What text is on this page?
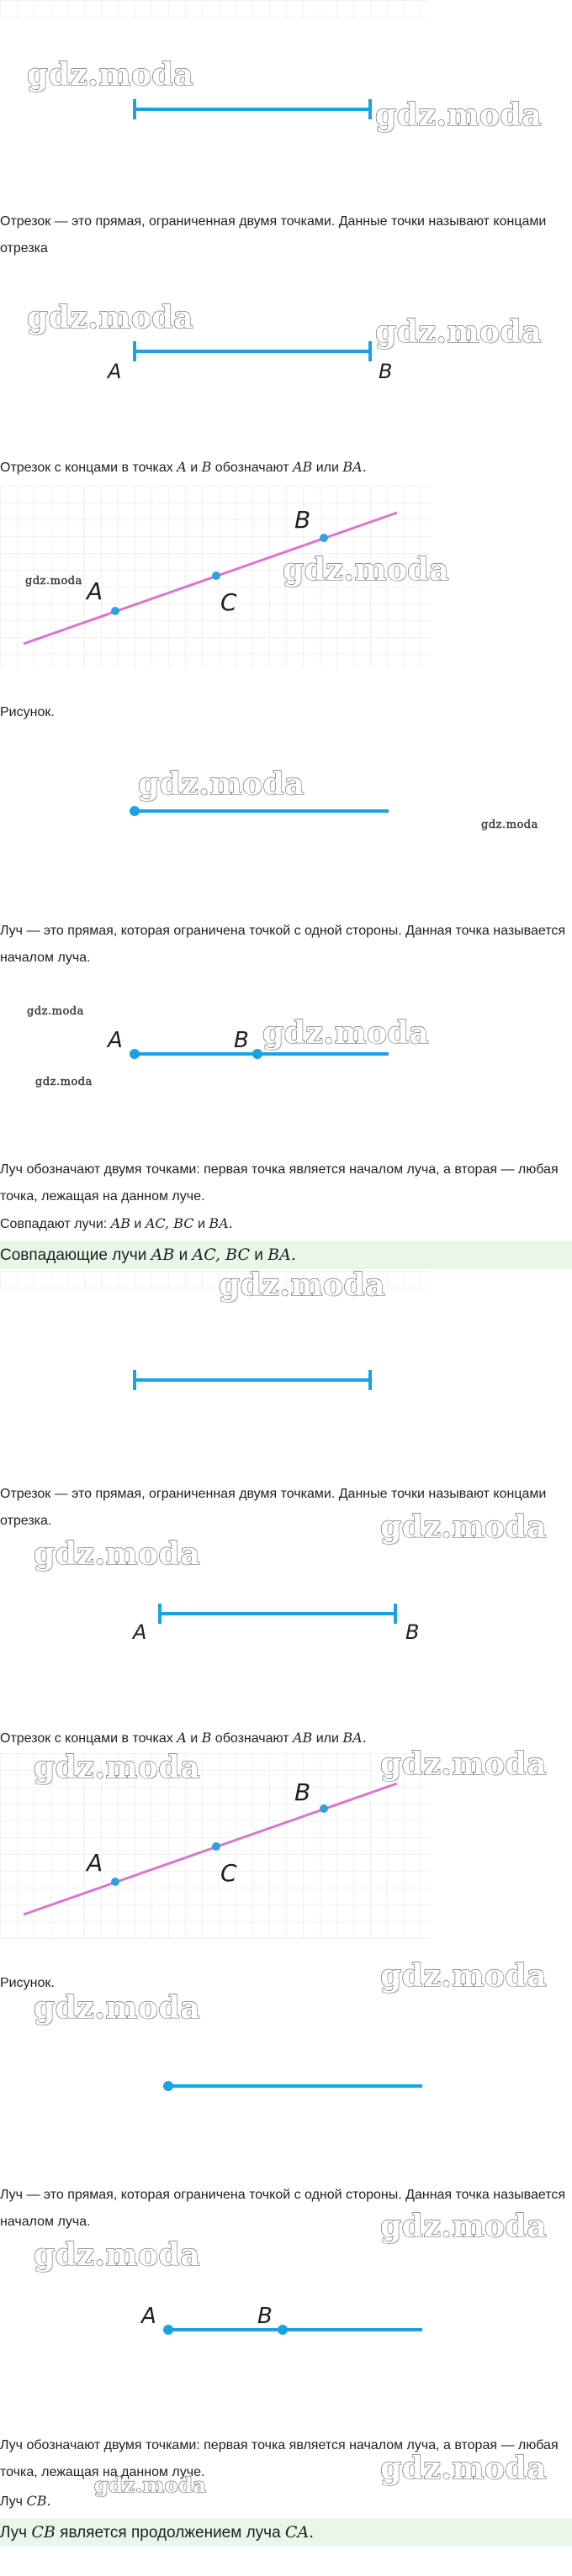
gdz.moda
gdz.moda

Отрезок — это прямая, ограниченная двумя точками. Данные точки называют концами отрезка

gdz.moda
A	B
gdz.moda

Отрезок с концами в точках A и B обозначают AB или BA.

A	C
B
gdz.moda	gdz.moda

Рисунок.

gdz.moda
gdz.moda

Луч — это прямая, которая ограничена точкой с одной стороны. Данная точка называется началом луча.

gdz.moda
A	B gdz.moda
gdz.moda

Луч обозначают двумя точками: первая точка является началом луча, а вторая — любая точка, лежащая на данном луче.

Совпадают лучи: AB и AC, BC и BA.

Совпадающие лучи AB и AC, BC и BA.
gdz.moda

Отрезок — это прямая, ограниченная двумя точками. Данные точки называют концами отрезка.	gdz.moda
gdz.moda
A	B

Отрезок с концами в точках A и B обозначают AB или BA.

A	C
B
gdz.moda	gdz.moda

Рисунок.	gdz.moda
gdz.moda

Луч — это прямая, которая ограничена точкой с одной стороны. Данная точка называется началом луча.	gdz.moda
gdz.moda
A	B

Луч обозначают двумя точками: первая точка является началом луча, а вторая — любая точка, лежащая на данном луче.	gdz.moda
gdz.moda

Луч CB.

Луч CB является продолжением луча CA.
